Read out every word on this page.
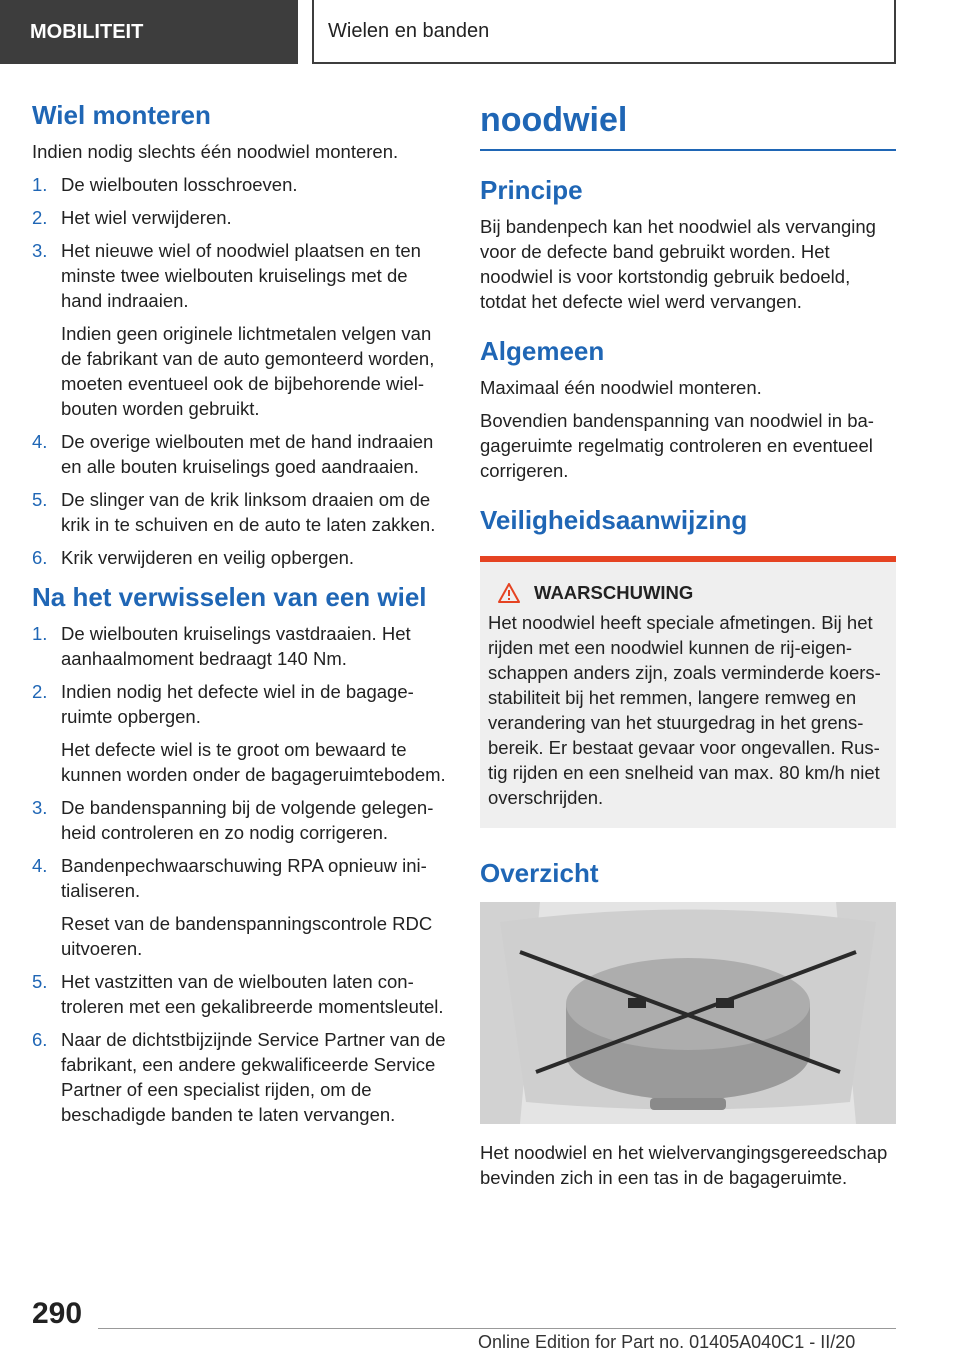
MOBILITEIT	Wielen en banden
Wiel monteren

Indien nodig slechts één noodwiel monteren.

1. De wielbouten losschroeven.

2. Het wiel verwijderen.

3. Het nieuwe wiel of noodwiel plaatsen en ten minste twee wielbouten kruiselings met de hand indraaien.

Indien geen originele lichtmetalen velgen van de fabrikant van de auto gemonteerd worden, moeten eventueel ook de bijbehorende wielbouten worden gebruikt.

4. De overige wielbouten met de hand indraaien en alle bouten kruiselings goed aandraaien.

5. De slinger van de krik linksom draaien om de krik in te schuiven en de auto te laten zakken.

6. Krik verwijderen en veilig opbergen.

Na het verwisselen van een wiel
1. De wielbouten kruiselings vastdraaien. Het aanhaalmoment bedraagt 140 Nm.

2. Indien nodig het defecte wiel in de bagageruimte opbergen.

Het defecte wiel is te groot om bewaard te kunnen worden onder de bagageruimtebodem.

3. De bandenspanning bij de volgende gelegenheid controleren en zo nodig corrigeren.

4. Bandenpechwaarschuwing RPA opnieuw initialiseren.

Reset van de bandenspanningscontrole RDC uitvoeren.

5. Het vastzitten van de wielbouten laten controleren met een gekalibreerde momentsleutel.

6. Naar de dichtstbijzijnde Service Partner van de fabrikant, een andere gekwalificeerde Service Partner of een specialist rijden, om de beschadigde banden te laten vervangen.

noodwiel
Principe

Bij bandenpech kan het noodwiel als vervanging voor de defecte band gebruikt worden. Het noodwiel is voor kortstondig gebruik bedoeld, totdat het defecte wiel werd vervangen.

Algemeen

Maximaal één noodwiel monteren.

Bovendien bandenspanning van noodwiel in bagageruimte regelmatig controleren en eventueel corrigeren.

Veiligheidsaanwijzing
WAARSCHUWING
Het noodwiel heeft speciale afmetingen. Bij het rijden met een noodwiel kunnen de rij-eigenschappen anders zijn, zoals verminderde koersstabiliteit bij het remmen, langere remweg en verandering van het stuurgedrag in het grensbereik. Er bestaat gevaar voor ongevallen. Rustig rijden en een snelheid van max. 80 km/h niet overschrijden.
Overzicht

Het noodwiel en het wielvervangingsgereedschap bevinden zich in een tas in de bagageruimte.

290
Online Edition for Part no. 01405A040C1 - II/20
